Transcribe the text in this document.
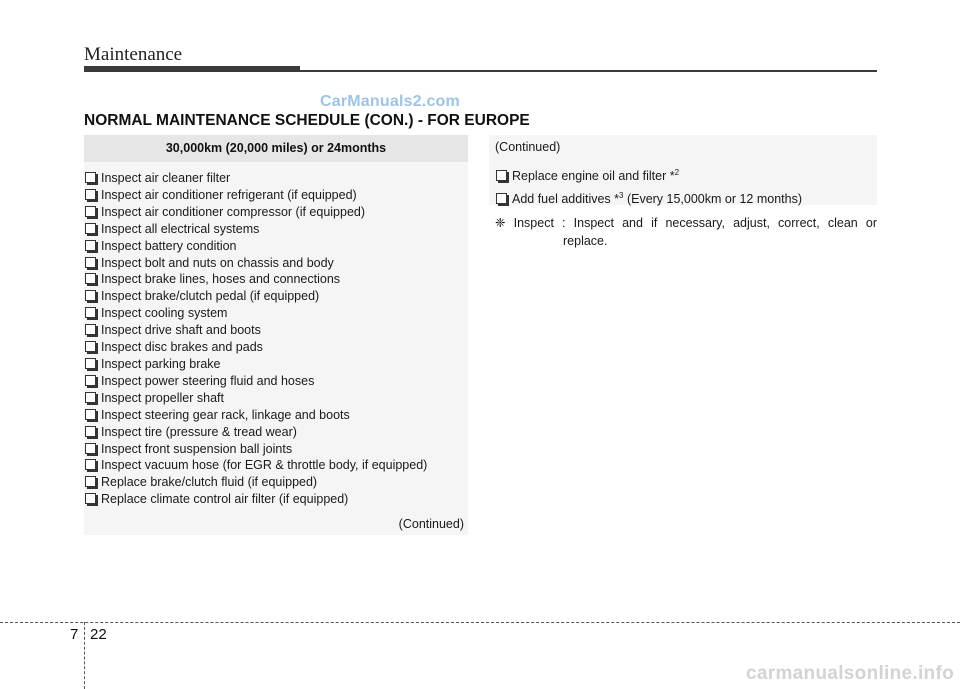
Maintenance
CarManuals2.com
NORMAL MAINTENANCE SCHEDULE (CON.) - FOR EUROPE
30,000km (20,000 miles) or 24months
Inspect air cleaner filter
Inspect air conditioner refrigerant (if equipped)
Inspect air conditioner compressor (if equipped)
Inspect all electrical systems
Inspect battery condition
Inspect bolt and nuts on chassis and body
Inspect brake lines, hoses and connections
Inspect brake/clutch pedal (if equipped)
Inspect cooling system
Inspect drive shaft and boots
Inspect disc brakes and pads
Inspect parking brake
Inspect power steering fluid and hoses
Inspect propeller shaft
Inspect steering gear rack, linkage and boots
Inspect tire (pressure & tread wear)
Inspect front suspension ball joints
Inspect vacuum hose (for EGR & throttle body, if equipped)
Replace brake/clutch fluid (if equipped)
Replace climate control air filter (if equipped)
(Continued)
(Continued)
Replace engine oil and filter *$^2$
Add fuel additives *$^3$ (Every 15,000km or 12 months)
❈ Inspect : Inspect and if necessary, adjust, correct, clean or
replace.
7 22
carmanualsonline.info
